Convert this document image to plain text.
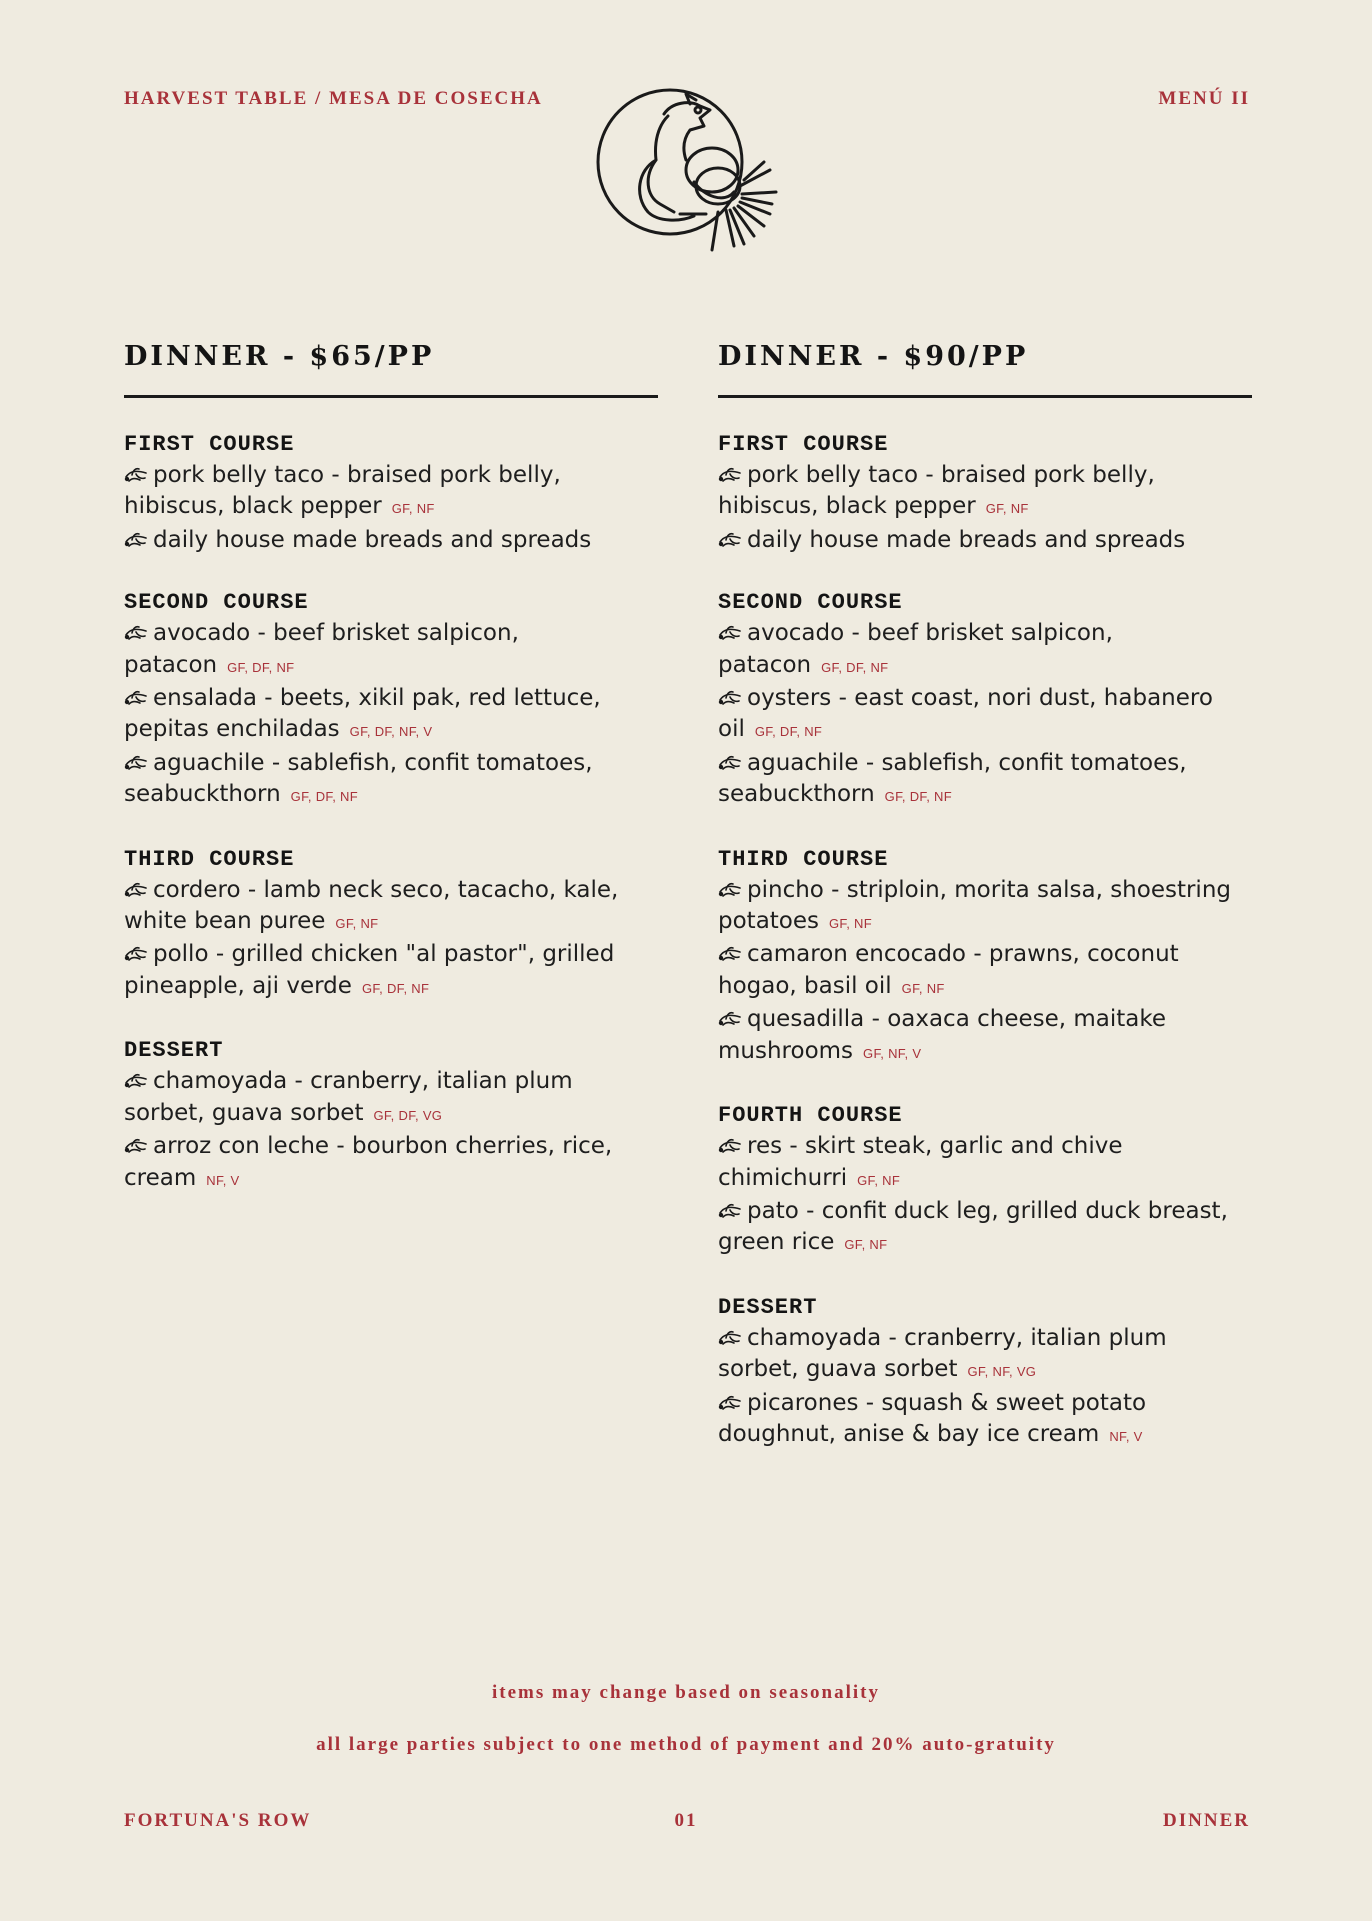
HARVEST TABLE / MESA DE COSECHA	MENÚ II
DINNER - $65/PP
FIRST COURSE
pork belly taco - braised pork belly, hibiscus, black pepper GF, NF
daily house made breads and spreads
SECOND COURSE
avocado - beef brisket salpicon, patacon GF, DF, NF
ensalada - beets, xikil pak, red lettuce, pepitas enchiladas GF, DF, NF, V
aguachile - sablefish, confit tomatoes, seabuckthorn GF, DF, NF
THIRD COURSE
cordero - lamb neck seco, tacacho, kale, white bean puree GF, NF
pollo - grilled chicken "al pastor", grilled pineapple, aji verde GF, DF, NF
DESSERT
chamoyada - cranberry, italian plum sorbet, guava sorbet GF, DF, VG
arroz con leche - bourbon cherries, rice, cream NF, V
DINNER - $90/PP
FIRST COURSE
pork belly taco - braised pork belly, hibiscus, black pepper GF, NF
daily house made breads and spreads
SECOND COURSE
avocado - beef brisket salpicon, patacon GF, DF, NF
oysters - east coast, nori dust, habanero oil GF, DF, NF
aguachile - sablefish, confit tomatoes, seabuckthorn GF, DF, NF
THIRD COURSE
pincho - striploin, morita salsa, shoestring potatoes GF, NF
camaron encocado - prawns, coconut hogao, basil oil GF, NF
quesadilla - oaxaca cheese, maitake mushrooms GF, NF, V
FOURTH COURSE
res - skirt steak, garlic and chive chimichurri GF, NF
pato - confit duck leg, grilled duck breast, green rice GF, NF
DESSERT
chamoyada - cranberry, italian plum sorbet, guava sorbet GF, NF, VG
picarones - squash & sweet potato doughnut, anise & bay ice cream NF, V
items may change based on seasonality
all large parties subject to one method of payment and 20% auto-gratuity
FORTUNA'S ROW	01	DINNER
